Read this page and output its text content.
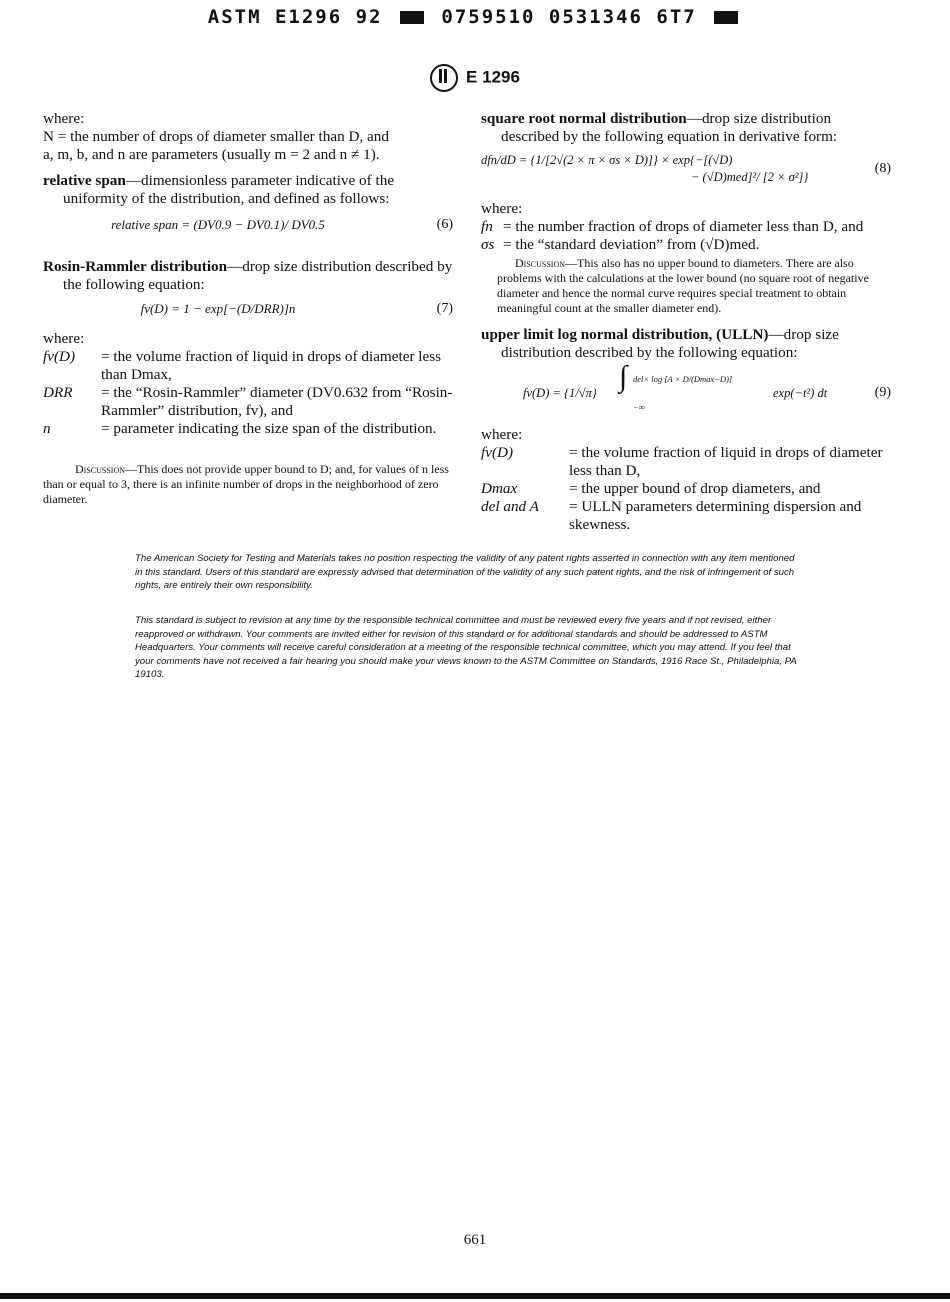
ASTM E1296 92	0759510 0531346 6T7
E 1296

where:

N = the number of drops of diameter smaller than D, and

a, m, b, and n are parameters (usually m = 2 and n ≠ 1).

relative span—dimensionless parameter indicative of the uniformity of the distribution, and defined as follows:

relative span = (DV0.9 − DV0.1)/ DV0.5	(6)

Rosin-Rammler distribution—drop size distribution described by the following equation:

fv(D) = 1 − exp[−(D/DRR)]n	(7)

where:

fv(D)	= the volume fraction of liquid in drops of diameter less than Dmax,
DRR	= the “Rosin-Rammler” diameter (DV0.632 from “Rosin-Rammler” distribution, fv), and
n	= parameter indicating the size span of the distribution.

Discussion—This does not provide upper bound to D; and, for values of n less than or equal to 3, there is an infinite number of drops in the neighborhood of zero diameter.

square root normal distribution—drop size distribution described by the following equation in derivative form:

dfn/dD = {1/[2√(2 × π × σs × D)]} × exp{−[(√D)
− (√D)med]²/ [2 × σ²]}
(8)

where:

fn	= the number fraction of drops of diameter less than D, and
σs	= the “standard deviation” from (√D)med.

Discussion—This also has no upper bound to diameters. There are also problems with the calculations at the lower bound (no square root of negative diameter and hence the normal curve requires special treatment to obtain meaningful count at the smaller diameter end).

upper limit log normal distribution, (ULLN)—drop size distribution described by the following equation:

fv(D) = {1/√π} ∫ del× log [A × D/(Dmax−D)]
−∞
exp(−t²) dt	(9)

where:

fv(D)	= the volume fraction of liquid in drops of diameter less than D,
Dmax	= the upper bound of drop diameters, and
del and A	= ULLN parameters determining dispersion and skewness.
The American Society for Testing and Materials takes no position respecting the validity of any patent rights asserted in connection with any item mentioned in this standard. Users of this standard are expressly advised that determination of the validity of any such patent rights, and the risk of infringement of such rights, are entirely their own responsibility.
This standard is subject to revision at any time by the responsible technical committee and must be reviewed every five years and if not revised, either reapproved or withdrawn. Your comments are invited either for revision of this standard or for additional standards and should be addressed to ASTM Headquarters. Your comments will receive careful consideration at a meeting of the responsible technical committee, which you may attend. If you feel that your comments have not received a fair hearing you should make your views known to the ASTM Committee on Standards, 1916 Race St., Philadelphia, PA 19103.
661
